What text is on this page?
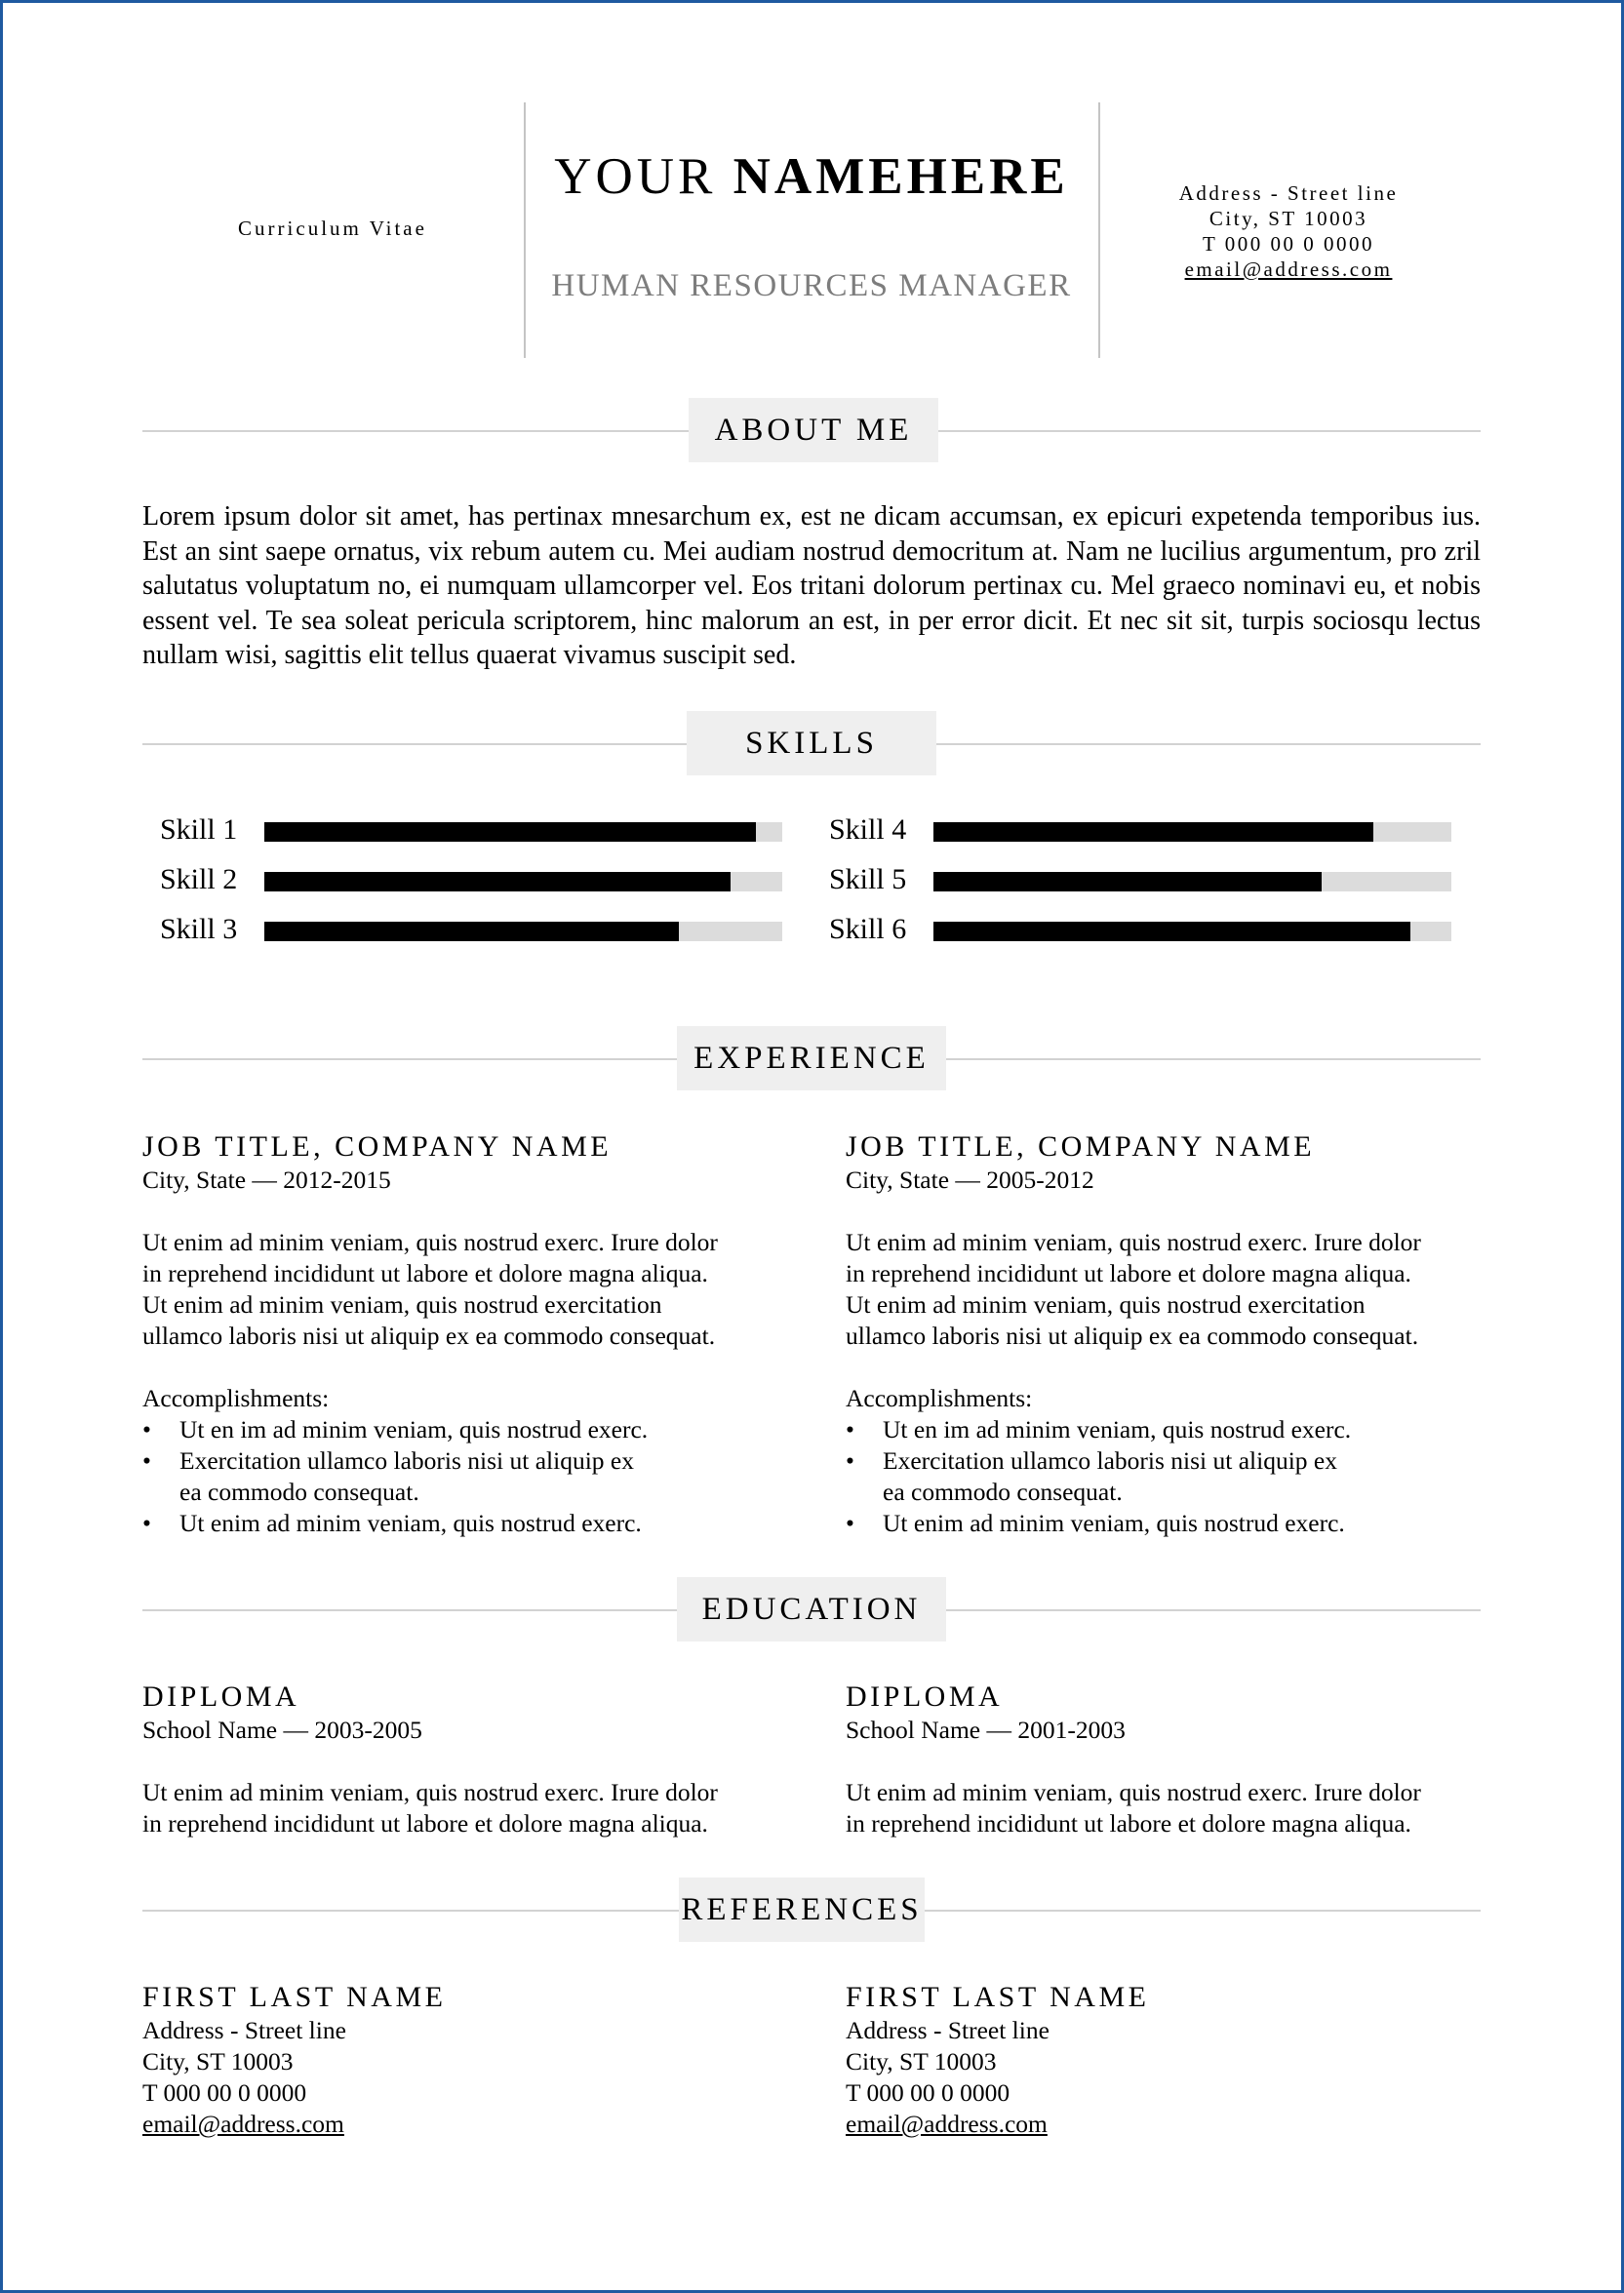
Curriculum Vitae
YOUR NAMEHERE
HUMAN RESOURCES MANAGER
Address - Street line
City, ST 10003
T 000 00 0 0000
email@address.com
ABOUT ME

Lorem ipsum dolor sit amet, has pertinax mnesarchum ex, est ne dicam accumsan, ex epicuri expetenda temporibus ius. Est an sint saepe ornatus, vix rebum autem cu. Mei audiam nostrud democritum at. Nam ne lucilius argumentum, pro zril salutatus voluptatum no, ei numquam ullamcorper vel. Eos tritani dolorum pertinax cu. Mel graeco nominavi eu, et nobis essent vel. Te sea soleat pericula scriptorem, hinc malorum an est, in per error dicit. Et nec sit sit, turpis sociosqu lectus nullam wisi, sagittis elit tellus quaerat vivamus suscipit sed.

SKILLS
Skill 1
Skill 2
Skill 3
Skill 4
Skill 5
Skill 6
EXPERIENCE
JOB TITLE, COMPANY NAME
City, State — 2012-2015

Ut enim ad minim veniam, quis nostrud exerc. Irure dolor

in reprehend incididunt ut labore et dolore magna aliqua.

Ut enim ad minim veniam, quis nostrud exercitation

ullamco laboris nisi ut aliquip ex ea commodo consequat.

Accomplishments:
• Ut en im ad minim veniam, quis nostrud exerc.
• Exercitation ullamco laboris nisi ut aliquip ex ea commodo consequat.
• Ut enim ad minim veniam, quis nostrud exerc.
JOB TITLE, COMPANY NAME
City, State — 2005-2012

Ut enim ad minim veniam, quis nostrud exerc. Irure dolor

in reprehend incididunt ut labore et dolore magna aliqua.

Ut enim ad minim veniam, quis nostrud exercitation

ullamco laboris nisi ut aliquip ex ea commodo consequat.

Accomplishments:
• Ut en im ad minim veniam, quis nostrud exerc.
• Exercitation ullamco laboris nisi ut aliquip ex ea commodo consequat.
• Ut enim ad minim veniam, quis nostrud exerc.
EDUCATION
DIPLOMA
School Name — 2003-2005

Ut enim ad minim veniam, quis nostrud exerc. Irure dolor

in reprehend incididunt ut labore et dolore magna aliqua.

DIPLOMA
School Name — 2001-2003

Ut enim ad minim veniam, quis nostrud exerc. Irure dolor

in reprehend incididunt ut labore et dolore magna aliqua.

REFERENCES
FIRST LAST NAME
Address - Street line
City, ST 10003
T 000 00 0 0000
email@address.com
FIRST LAST NAME
Address - Street line
City, ST 10003
T 000 00 0 0000
email@address.com
